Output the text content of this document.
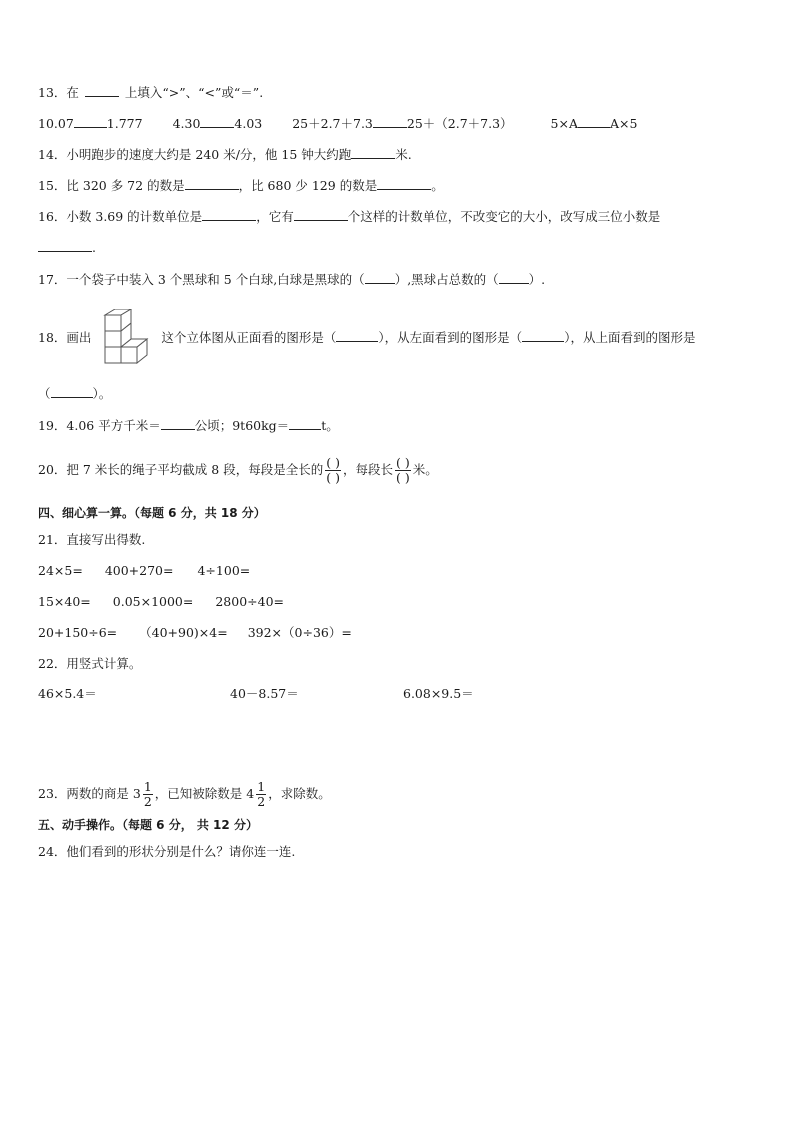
13．在	上填入“>”、“<”或“＝”.
10.07	1.777 4.30	4.03 25＋2.7＋7.3	25＋（2.7＋7.3）	5×A	A×5
14．小明跑步的速度大约是 240 米/分，他 15 钟大约跑	米.
15．比 320 多 72 的数是	，比 680 少 129 的数是	。
16．小数 3.69 的计数单位是	，它有	个这样的计数单位，不改变它的大小，改写成三位小数是
.
17．一个袋子中装入 3 个黑球和 5 个白球,白球是黑球的（ ）,黑球占总数的（ ）.
18．画出	这个立体图从正面看的图形是（	），从左面看到的图形是（	），从上面看到的图形是
（	）。
19．4.06 平方千米＝	公顷；9t60kg＝	t。
20．把 7 米长的绳子平均截成 8 段，每段是全长的 $\frac{( )}{( )}$ ，每段长 $\frac{( )}{( )}$ 米。
四、细心算一算。（每题 6 分，共 18 分）
21．直接写出得数.
24×5= 400+270= 4÷100=
15×40= 0.05×1000= 2800÷40=
20+150÷6= （40+90)×4= 392×（0÷36）=
22．用竖式计算。
46×5.4＝	40－8.57＝	6.08×9.5＝
23．两数的商是 $3 \frac{1}{2}$ ，已知被除数是 $4 \frac{1}{2}$ ，求除数。
五、动手操作。（每题 6 分， 共 12 分）
24．他们看到的形状分别是什么？请你连一连.
